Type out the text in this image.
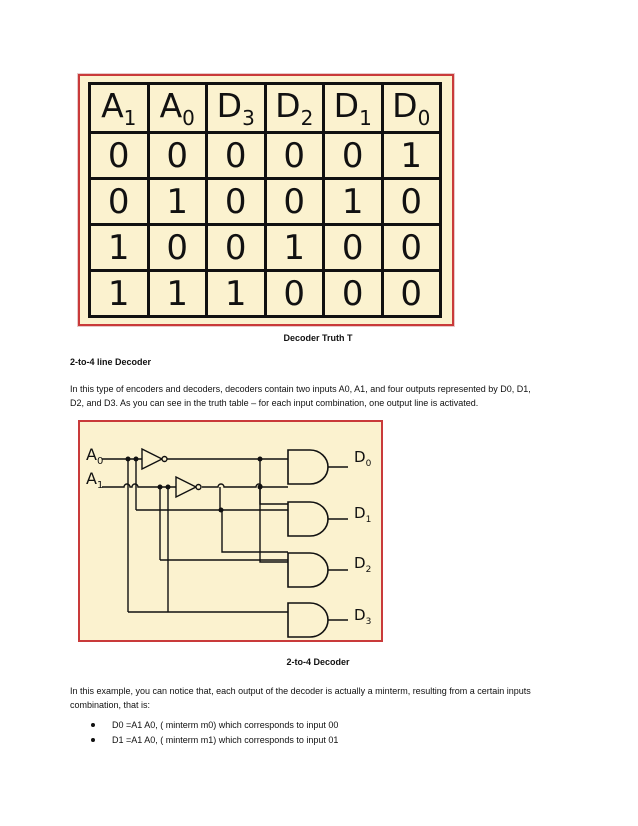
$A_1$	$A_0$	$D_3$	$D_2$	$D_1$	$D_0$
0	0	0	0	0	1
0	1	0	0	1	0
1	0	0	1	0	0
1	1	1	0	0	0
Decoder Truth T
2-to-4 line Decoder
In this type of encoders and decoders, decoders contain two inputs A0, A1, and four outputs represented by D0, D1,
D2, and D3. As you can see in the truth table – for each input combination, one output line is activated.
$A_0$
$A_1$
$D_0$
$D_1$
$D_2$
$D_3$
2-to-4 Decoder
In this example, you can notice that, each output of the decoder is actually a minterm, resulting from a certain inputs
combination, that is:
D0 =A1 A0, ( minterm m0) which corresponds to input 00
D1 =A1 A0, ( minterm m1) which corresponds to input 01
